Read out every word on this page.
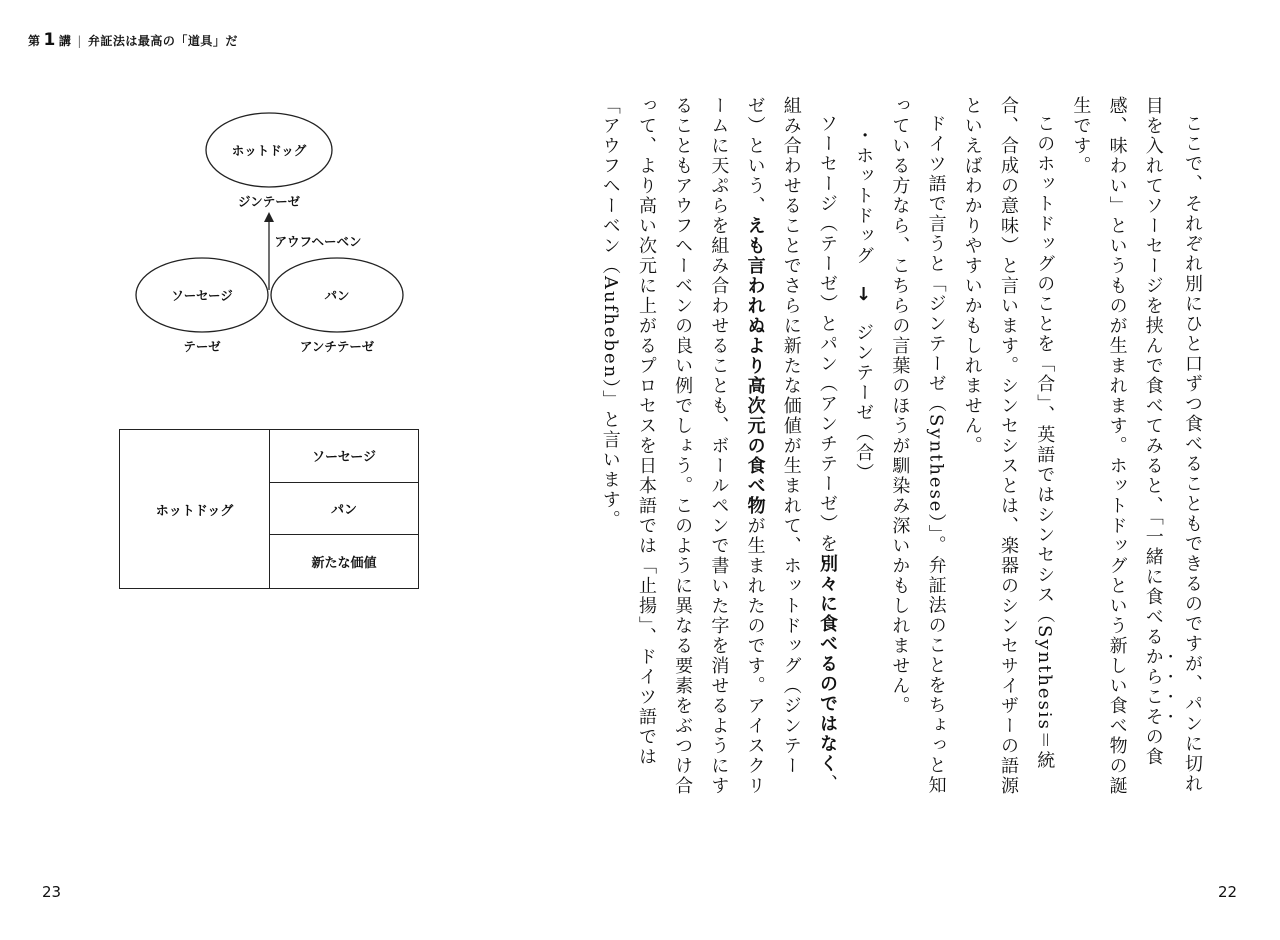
第 1 講 | 弁証法は最高の「道具」だ

ここで、それぞれ別にひと口ずつ食べることもできるのですが、パンに切れ目を入れてソーセージを挟んで食べてみると、「一緒に食べるからこその食感、味わい」というものが生まれます。ホットドッグという新しい食べ物の誕生です。

このホットドッグのことを「合」、英語ではシンセシス（Synthesis＝統合、合成の意味）と言います。シンセシスとは、楽器のシンセサイザーの語源といえばわかりやすいかもしれません。

ドイツ語で言うと「ジンテーゼ（Synthese）」。弁証法のことをちょっと知っている方なら、こちらの言葉のほうが馴染み深いかもしれません。

・ホットドッグ　→　ジンテーゼ（合）

ソーセージ（テーゼ）とパン（アンチテーゼ）を別々に食べるのではなく、組み合わせることでさらに新たな価値が生まれて、ホットドッグ（ジンテーゼ）という、えも言われぬより高次元の食べ物が生まれたのです。アイスクリームに天ぷらを組み合わせることも、ボールペンで書いた字を消せるようにすることもアウフヘーベンの良い例でしょう。このように異なる要素をぶつけ合って、より高い次元に上がるプロセスを日本語では「止揚」、ドイツ語では「アウフヘーベン（Aufheben）」と言います。

ホットドッグ
ジンテーゼ
アウフヘーベン
ソーセージ	パン
テーゼ	アンチテーゼ
ホットドッグ
ソーセージ
パン
新たな価値
23	22
